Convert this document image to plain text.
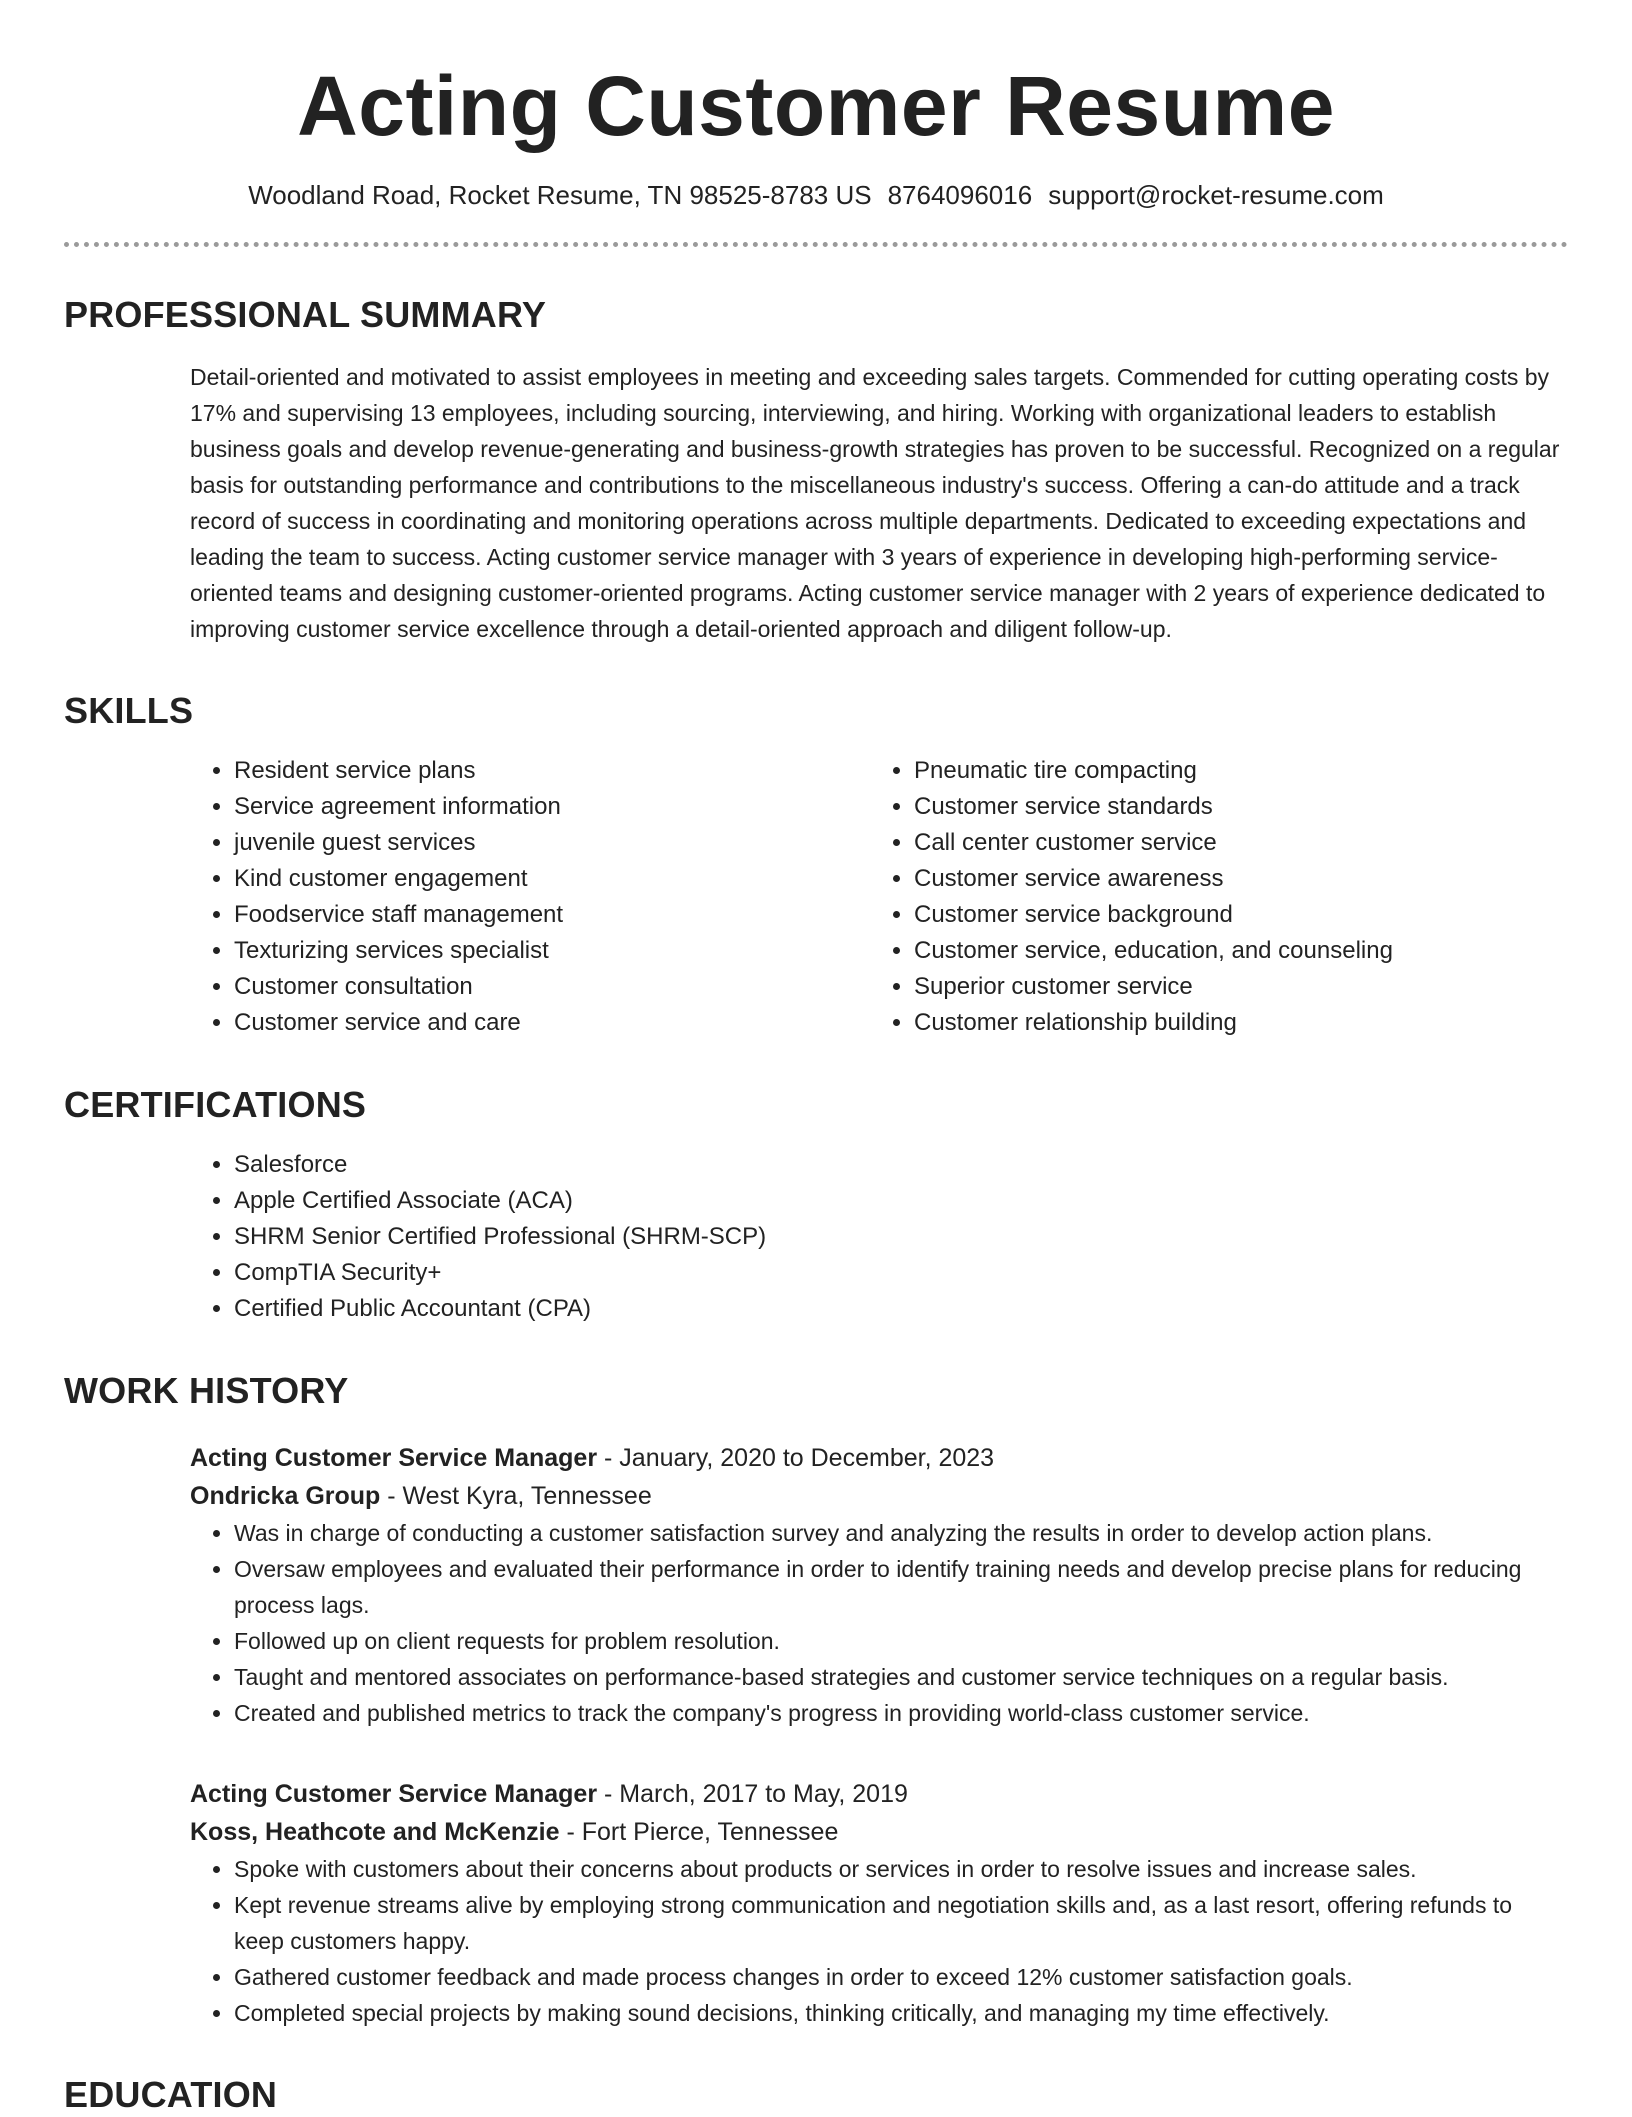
Acting Customer Resume
Woodland Road, Rocket Resume, TN 98525-8783 US 8764096016 support@rocket-resume.com
PROFESSIONAL SUMMARY
Detail-oriented and motivated to assist employees in meeting and exceeding sales targets. Commended for cutting operating costs by 17% and supervising 13 employees, including sourcing, interviewing, and hiring. Working with organizational leaders to establish business goals and develop revenue-generating and business-growth strategies has proven to be successful. Recognized on a regular basis for outstanding performance and contributions to the miscellaneous industry's success. Offering a can-do attitude and a track record of success in coordinating and monitoring operations across multiple departments. Dedicated to exceeding expectations and leading the team to success. Acting customer service manager with 3 years of experience in developing high-performing service-oriented teams and designing customer-oriented programs. Acting customer service manager with 2 years of experience dedicated to improving customer service excellence through a detail-oriented approach and diligent follow-up.
SKILLS
• Resident service plans
• Service agreement information
• juvenile guest services
• Kind customer engagement
• Foodservice staff management
• Texturizing services specialist
• Customer consultation
• Customer service and care
• Pneumatic tire compacting
• Customer service standards
• Call center customer service
• Customer service awareness
• Customer service background
• Customer service, education, and counseling
• Superior customer service
• Customer relationship building
CERTIFICATIONS
• Salesforce
• Apple Certified Associate (ACA)
• SHRM Senior Certified Professional (SHRM-SCP)
• CompTIA Security+
• Certified Public Accountant (CPA)
WORK HISTORY
Acting Customer Service Manager - January, 2020 to December, 2023
Ondricka Group - West Kyra, Tennessee
• Was in charge of conducting a customer satisfaction survey and analyzing the results in order to develop action plans.
• Oversaw employees and evaluated their performance in order to identify training needs and develop precise plans for reducing process lags.
• Followed up on client requests for problem resolution.
• Taught and mentored associates on performance-based strategies and customer service techniques on a regular basis.
• Created and published metrics to track the company's progress in providing world-class customer service.
Acting Customer Service Manager - March, 2017 to May, 2019
Koss, Heathcote and McKenzie - Fort Pierce, Tennessee
• Spoke with customers about their concerns about products or services in order to resolve issues and increase sales.
• Kept revenue streams alive by employing strong communication and negotiation skills and, as a last resort, offering refunds to keep customers happy.
• Gathered customer feedback and made process changes in order to exceed 12% customer satisfaction goals.
• Completed special projects by making sound decisions, thinking critically, and managing my time effectively.
EDUCATION
